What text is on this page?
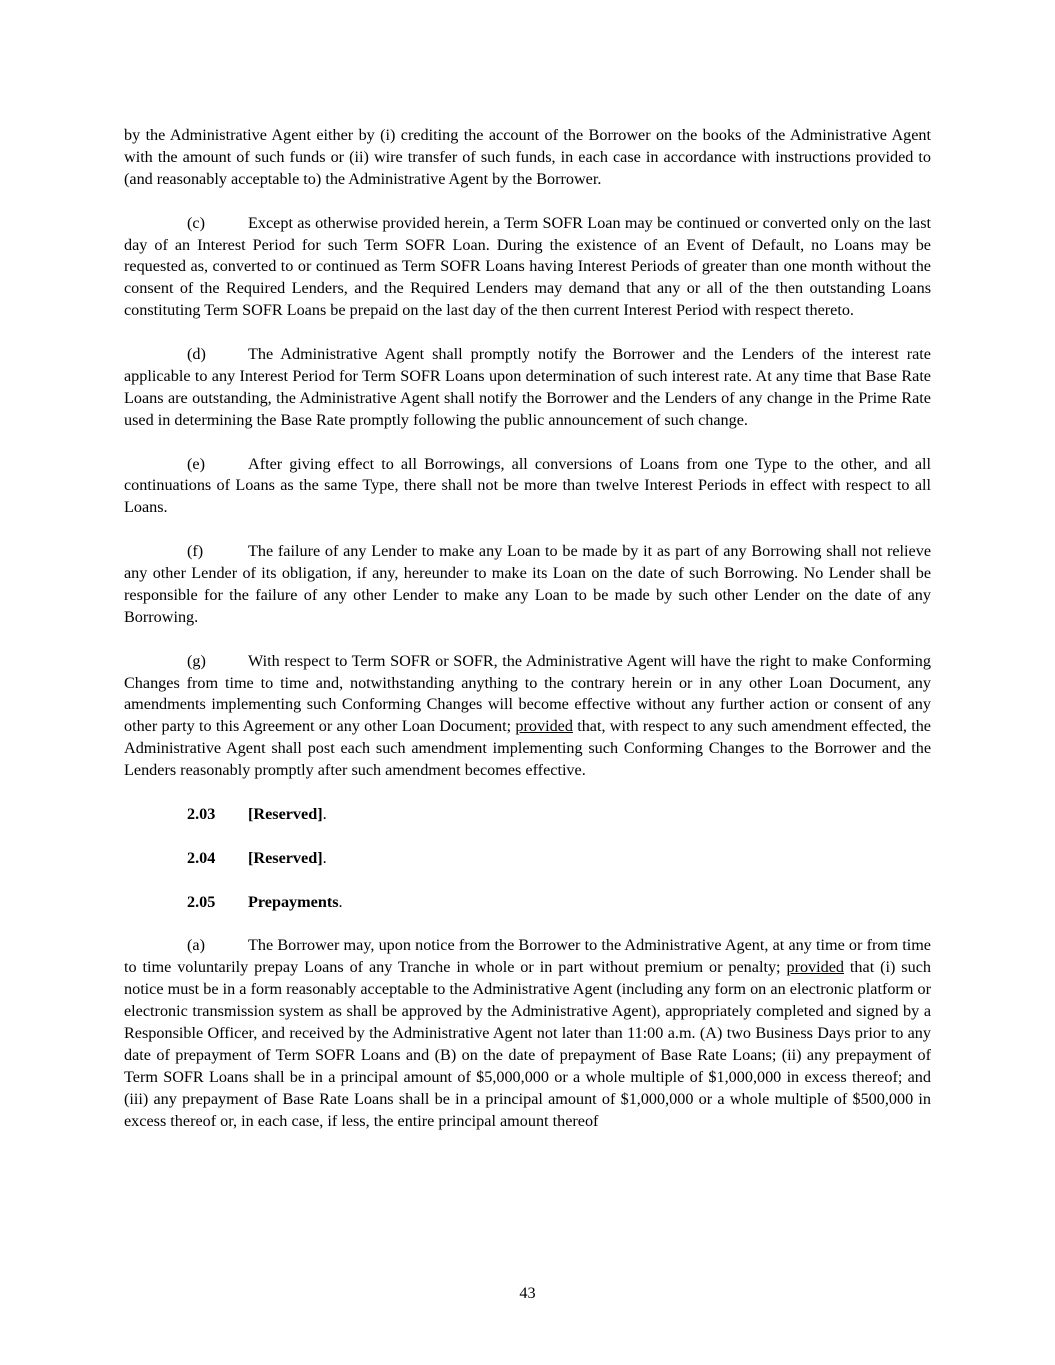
by the Administrative Agent either by (i) crediting the account of the Borrower on the books of the Administrative Agent with the amount of such funds or (ii) wire transfer of such funds, in each case in accordance with instructions provided to (and reasonably acceptable to) the Administrative Agent by the Borrower.

(c)	Except as otherwise provided herein, a Term SOFR Loan may be continued or converted only on the last day of an Interest Period for such Term SOFR Loan. During the existence of an Event of Default, no Loans may be requested as, converted to or continued as Term SOFR Loans having Interest Periods of greater than one month without the consent of the Required Lenders, and the Required Lenders may demand that any or all of the then outstanding Loans constituting Term SOFR Loans be prepaid on the last day of the then current Interest Period with respect thereto.

(d)	The Administrative Agent shall promptly notify the Borrower and the Lenders of the interest rate applicable to any Interest Period for Term SOFR Loans upon determination of such interest rate. At any time that Base Rate Loans are outstanding, the Administrative Agent shall notify the Borrower and the Lenders of any change in the Prime Rate used in determining the Base Rate promptly following the public announcement of such change.

(e)	After giving effect to all Borrowings, all conversions of Loans from one Type to the other, and all continuations of Loans as the same Type, there shall not be more than twelve Interest Periods in effect with respect to all Loans.

(f)	The failure of any Lender to make any Loan to be made by it as part of any Borrowing shall not relieve any other Lender of its obligation, if any, hereunder to make its Loan on the date of such Borrowing. No Lender shall be responsible for the failure of any other Lender to make any Loan to be made by such other Lender on the date of any Borrowing.

(g)	With respect to Term SOFR or SOFR, the Administrative Agent will have the right to make Conforming Changes from time to time and, notwithstanding anything to the contrary herein or in any other Loan Document, any amendments implementing such Conforming Changes will become effective without any further action or consent of any other party to this Agreement or any other Loan Document; provided that, with respect to any such amendment effected, the Administrative Agent shall post each such amendment implementing such Conforming Changes to the Borrower and the Lenders reasonably promptly after such amendment becomes effective.

2.03 [Reserved].

2.04 [Reserved].

2.05 Prepayments.

(a)	The Borrower may, upon notice from the Borrower to the Administrative Agent, at any time or from time to time voluntarily prepay Loans of any Tranche in whole or in part without premium or penalty; provided that (i) such notice must be in a form reasonably acceptable to the Administrative Agent (including any form on an electronic platform or electronic transmission system as shall be approved by the Administrative Agent), appropriately completed and signed by a Responsible Officer, and received by the Administrative Agent not later than 11:00 a.m. (A) two Business Days prior to any date of prepayment of Term SOFR Loans and (B) on the date of prepayment of Base Rate Loans; (ii) any prepayment of Term SOFR Loans shall be in a principal amount of $5,000,000 or a whole multiple of $1,000,000 in excess thereof; and (iii) any prepayment of Base Rate Loans shall be in a principal amount of $1,000,000 or a whole multiple of $500,000 in excess thereof or, in each case, if less, the entire principal amount thereof

43
